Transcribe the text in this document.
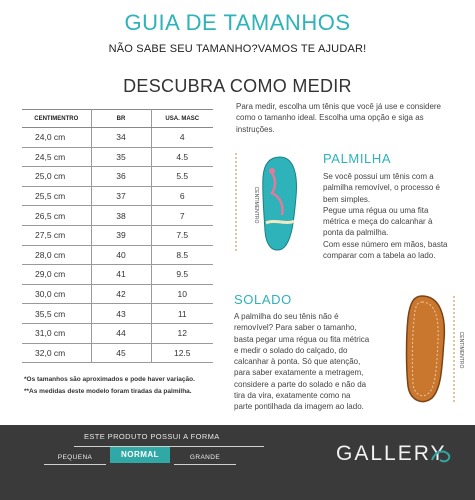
GUIA DE TAMANHOS
NÃO SABE SEU TAMANHO?VAMOS TE AJUDAR!
DESCUBRA COMO MEDIR
CENTIMENTRO	BR	USA. MASC
24,0 cm	34	4
24,5 cm	35	4.5
25,0 cm	36	5.5
25,5 cm	37	6
26,5 cm	38	7
27,5 cm	39	7.5
28,0 cm	40	8.5
29,0 cm	41	9.5
30,0 cm	42	10
35,5 cm	43	11
31,0 cm	44	12
32,0 cm	45	12.5
*Os tamanhos são aproximados e pode haver variação.
**As medidas deste modelo foram tiradas da palmilha.
Para medir, escolha um tênis que você já use e considere
como o tamanho ideal. Escolha uma opção e siga as
instruções.
CENTIMENTRO
PALMILHA
Se você possui um tênis com a
palmilha removível, o processo é
bem simples.
Pegue uma régua ou uma fita
métrica e meça do calcanhar à
ponta da palmilha.
Com esse número em mãos, basta
comparar com a tabela ao lado.
SOLADO
A palmilha do seu tênis não é
removível? Para saber o tamanho,
basta pegar uma régua ou fita métrica
e medir o solado do calçado, do
calcanhar à ponta. Só que atenção,
para saber exatamente a metragem,
considere a parte do solado e não da
tira da vira, exatamente como na
parte pontilhada da imagem ao lado.
CENTIMENTRO
ESTE PRODUTO POSSUI A FORMA
PEQUENA	NORMAL	GRANDE	GALLERY
